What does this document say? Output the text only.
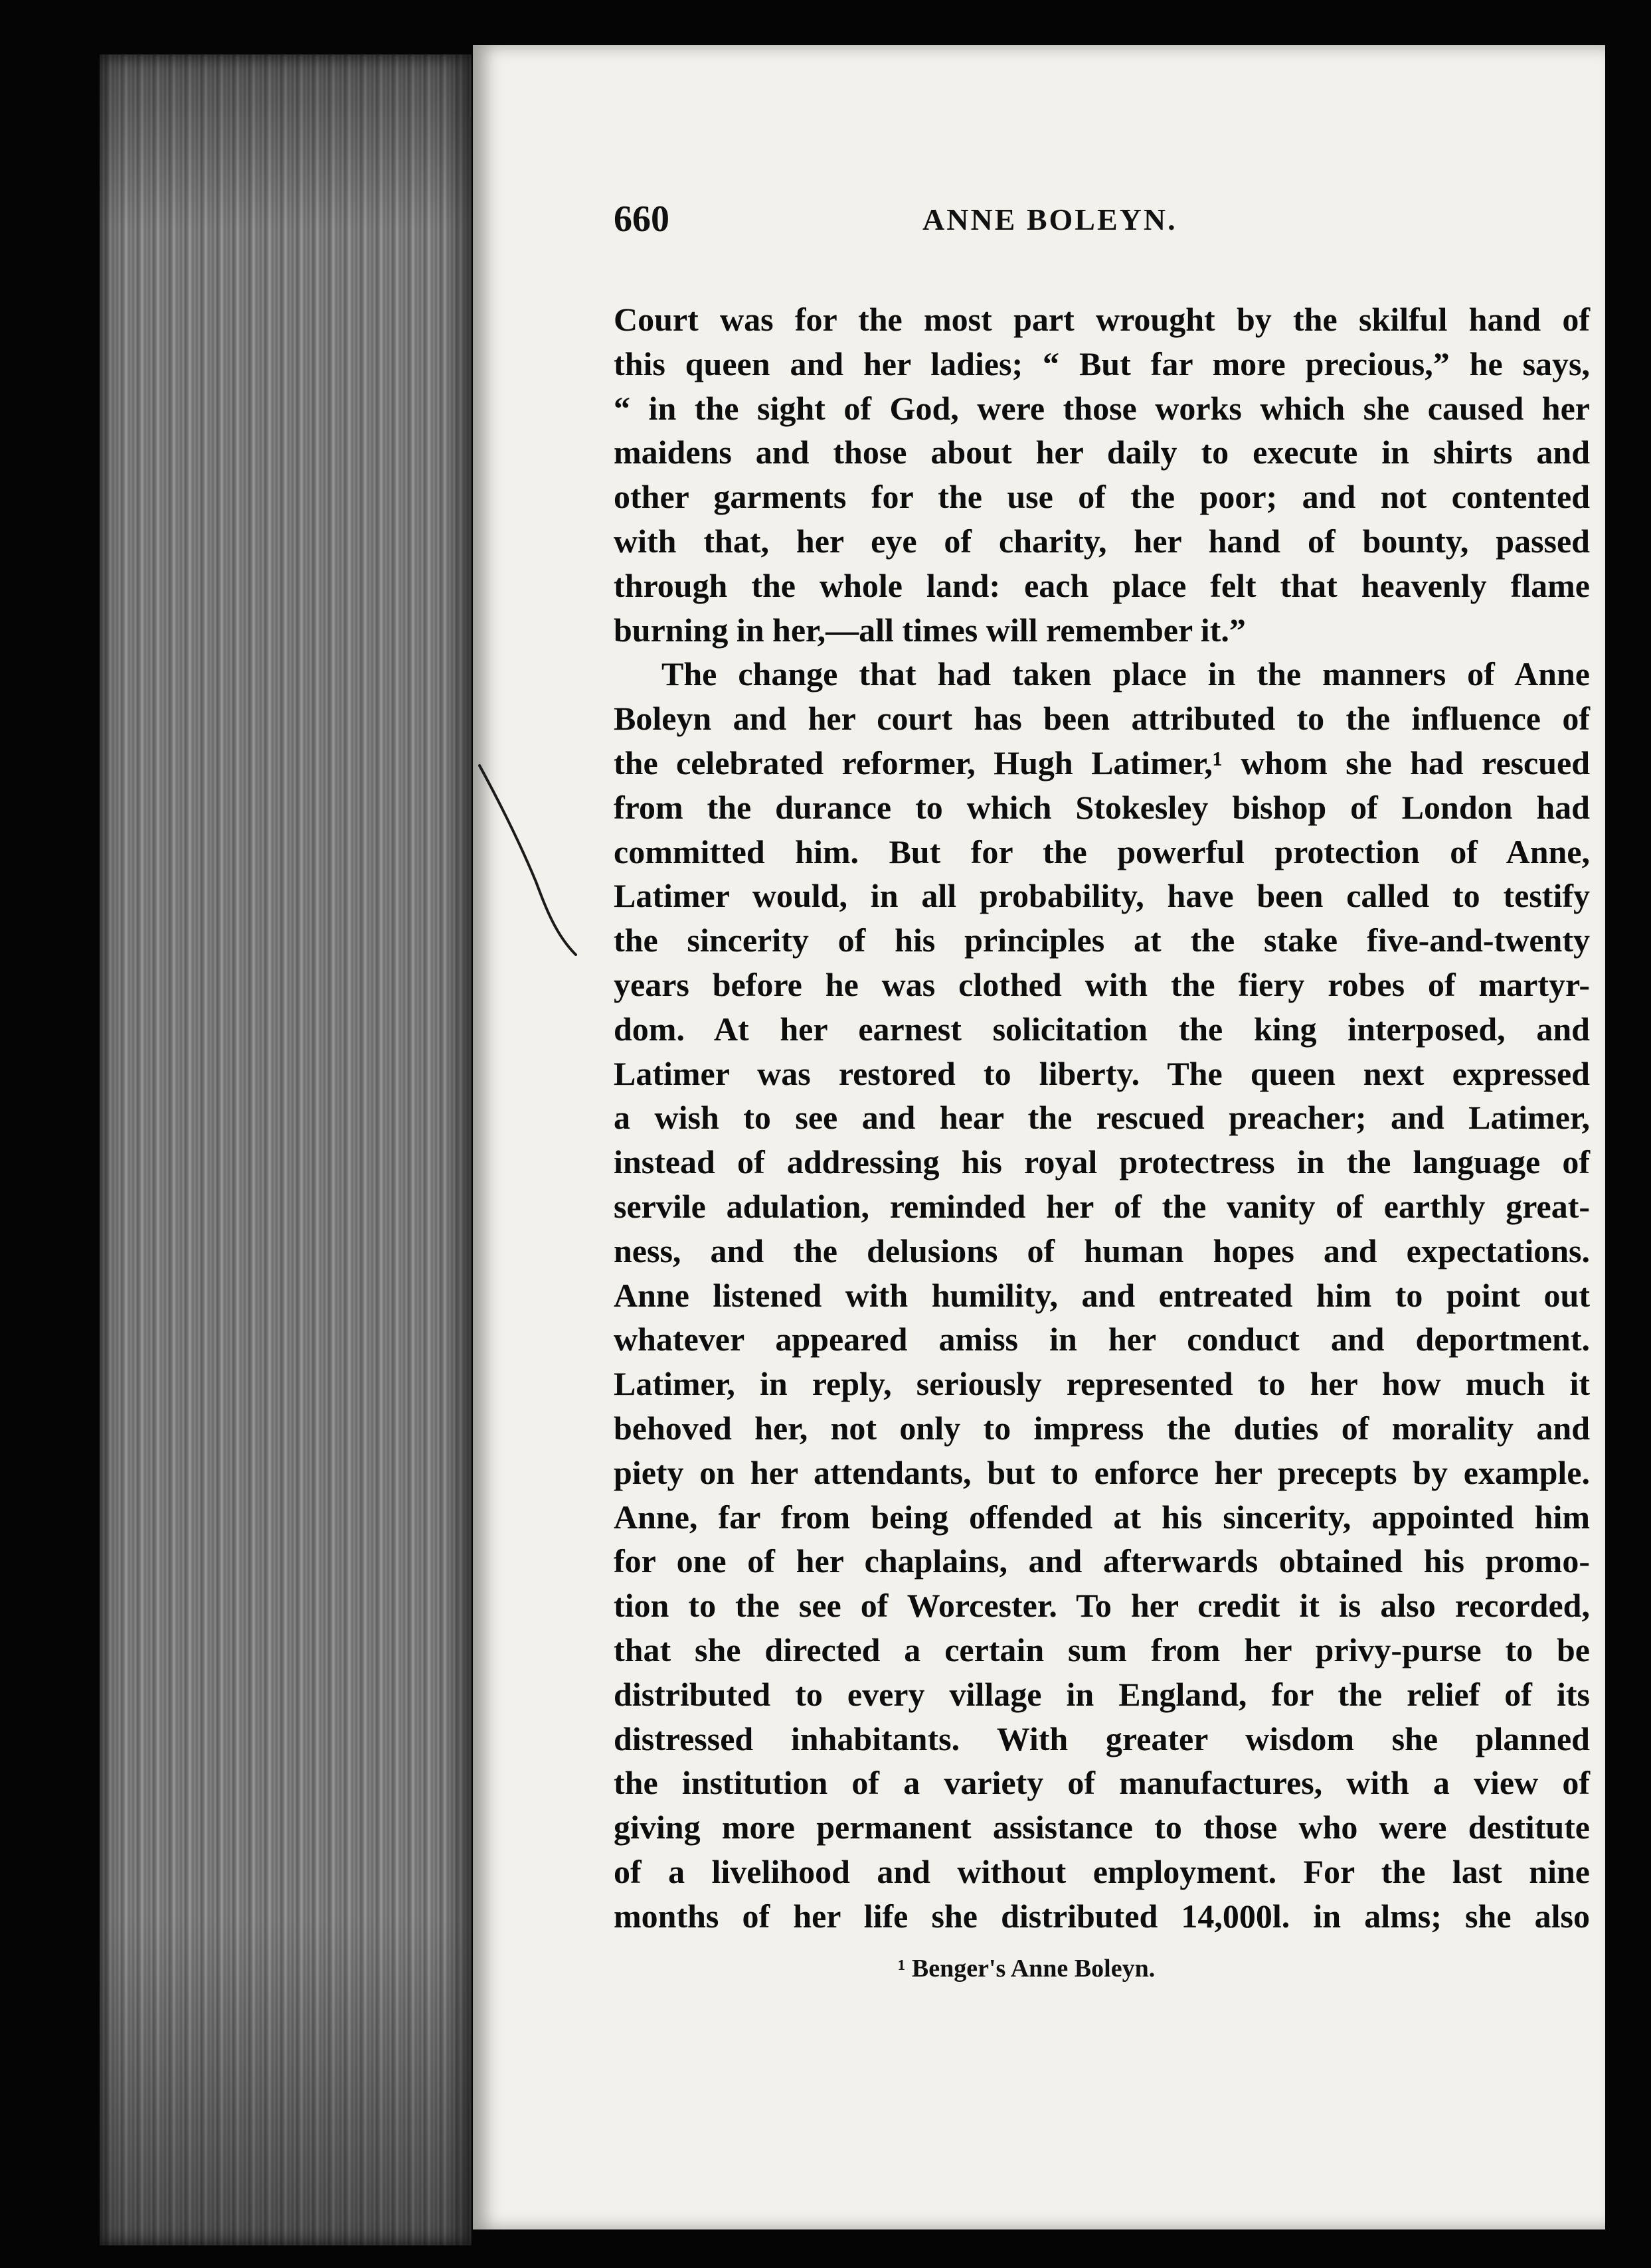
660	ANNE BOLEYN.
Court was for the most part wrought by the skilful hand of
this queen and her ladies; “ But far more precious,” he says,
“ in the sight of God, were those works which she caused her
maidens and those about her daily to execute in shirts and
other garments for the use of the poor; and not contented
with that, her eye of charity, her hand of bounty, passed
through the whole land: each place felt that heavenly flame
burning in her,—all times will remember it.”
The change that had taken place in the manners of Anne
Boleyn and her court has been attributed to the influence of
the celebrated reformer, Hugh Latimer,¹ whom she had rescued
from the durance to which Stokesley bishop of London had
committed him. But for the powerful protection of Anne,
Latimer would, in all probability, have been called to testify
the sincerity of his principles at the stake five-and-twenty
years before he was clothed with the fiery robes of martyr-
dom. At her earnest solicitation the king interposed, and
Latimer was restored to liberty. The queen next expressed
a wish to see and hear the rescued preacher; and Latimer,
instead of addressing his royal protectress in the language of
servile adulation, reminded her of the vanity of earthly great-
ness, and the delusions of human hopes and expectations.
Anne listened with humility, and entreated him to point out
whatever appeared amiss in her conduct and deportment.
Latimer, in reply, seriously represented to her how much it
behoved her, not only to impress the duties of morality and
piety on her attendants, but to enforce her precepts by example.
Anne, far from being offended at his sincerity, appointed him
for one of her chaplains, and afterwards obtained his promo-
tion to the see of Worcester. To her credit it is also recorded,
that she directed a certain sum from her privy-purse to be
distributed to every village in England, for the relief of its
distressed inhabitants. With greater wisdom she planned
the institution of a variety of manufactures, with a view of
giving more permanent assistance to those who were destitute
of a livelihood and without employment. For the last nine
months of her life she distributed 14,000l. in alms; she also
¹ Benger's Anne Boleyn.
